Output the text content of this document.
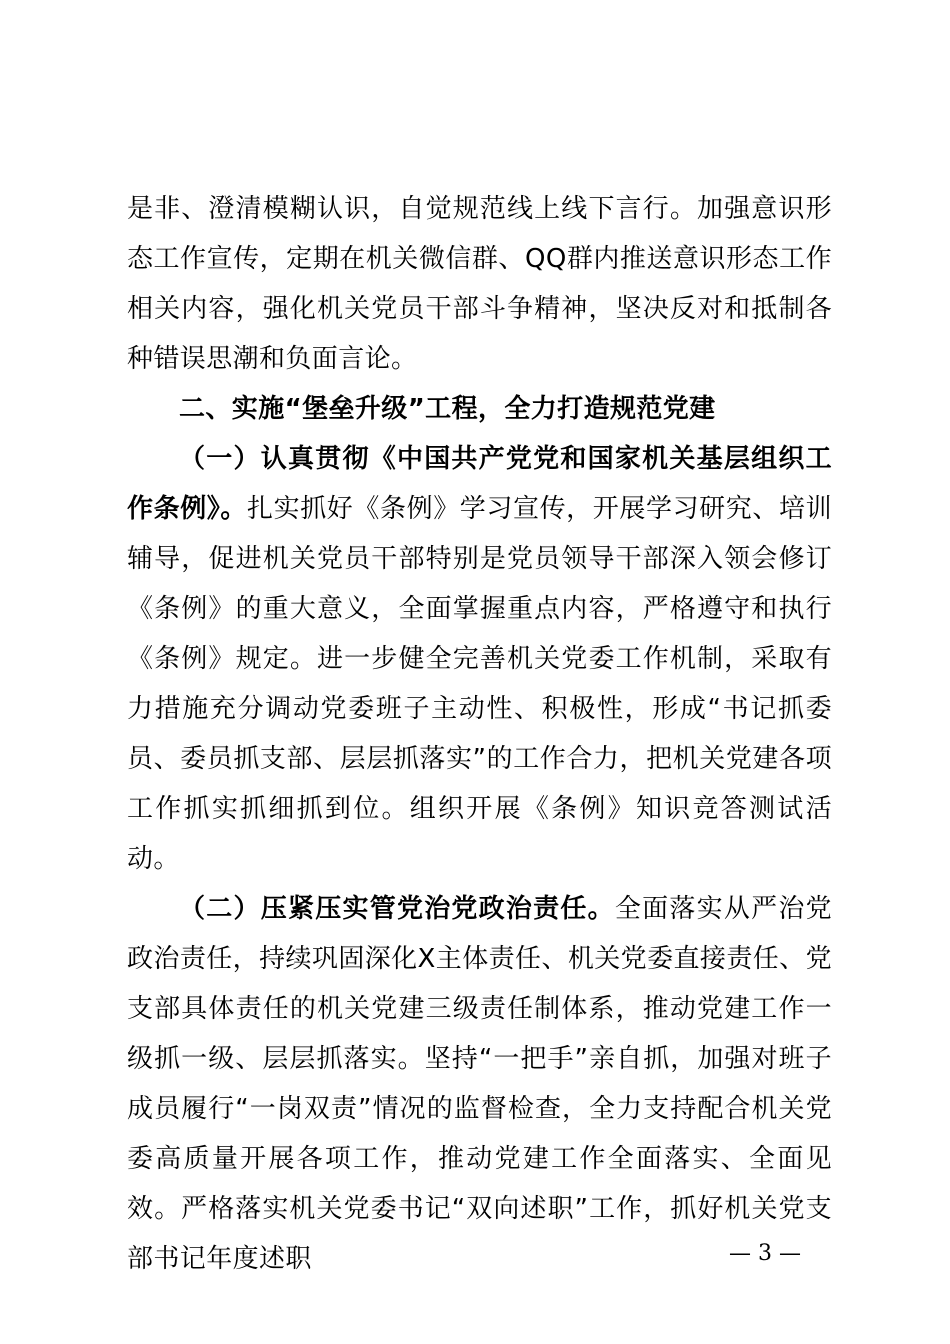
是非、澄清模糊认识，自觉规范线上线下言行。加强意识形态工作宣传，定期在机关微信群、QQ群内推送意识形态工作相关内容，强化机关党员干部斗争精神，坚决反对和抵制各种错误思潮和负面言论。

二、实施“堡垒升级”工程，全力打造规范党建

（一）认真贯彻《中国共产党党和国家机关基层组织工作条例》。扎实抓好《条例》学习宣传，开展学习研究、培训辅导，促进机关党员干部特别是党员领导干部深入领会修订《条例》的重大意义，全面掌握重点内容，严格遵守和执行《条例》规定。进一步健全完善机关党委工作机制，采取有力措施充分调动党委班子主动性、积极性，形成“书记抓委员、委员抓支部、层层抓落实”的工作合力，把机关党建各项工作抓实抓细抓到位。组织开展《条例》知识竞答测试活动。

（二）压紧压实管党治党政治责任。全面落实从严治党政治责任，持续巩固深化X主体责任、机关党委直接责任、党支部具体责任的机关党建三级责任制体系，推动党建工作一级抓一级、层层抓落实。坚持“一把手”亲自抓，加强对班子成员履行“一岗双责”情况的监督检查，全力支持配合机关党委高质量开展各项工作，推动党建工作全面落实、全面见效。严格落实机关党委书记“双向述职”工作，抓好机关党支部书记年度述职	— 3 —
